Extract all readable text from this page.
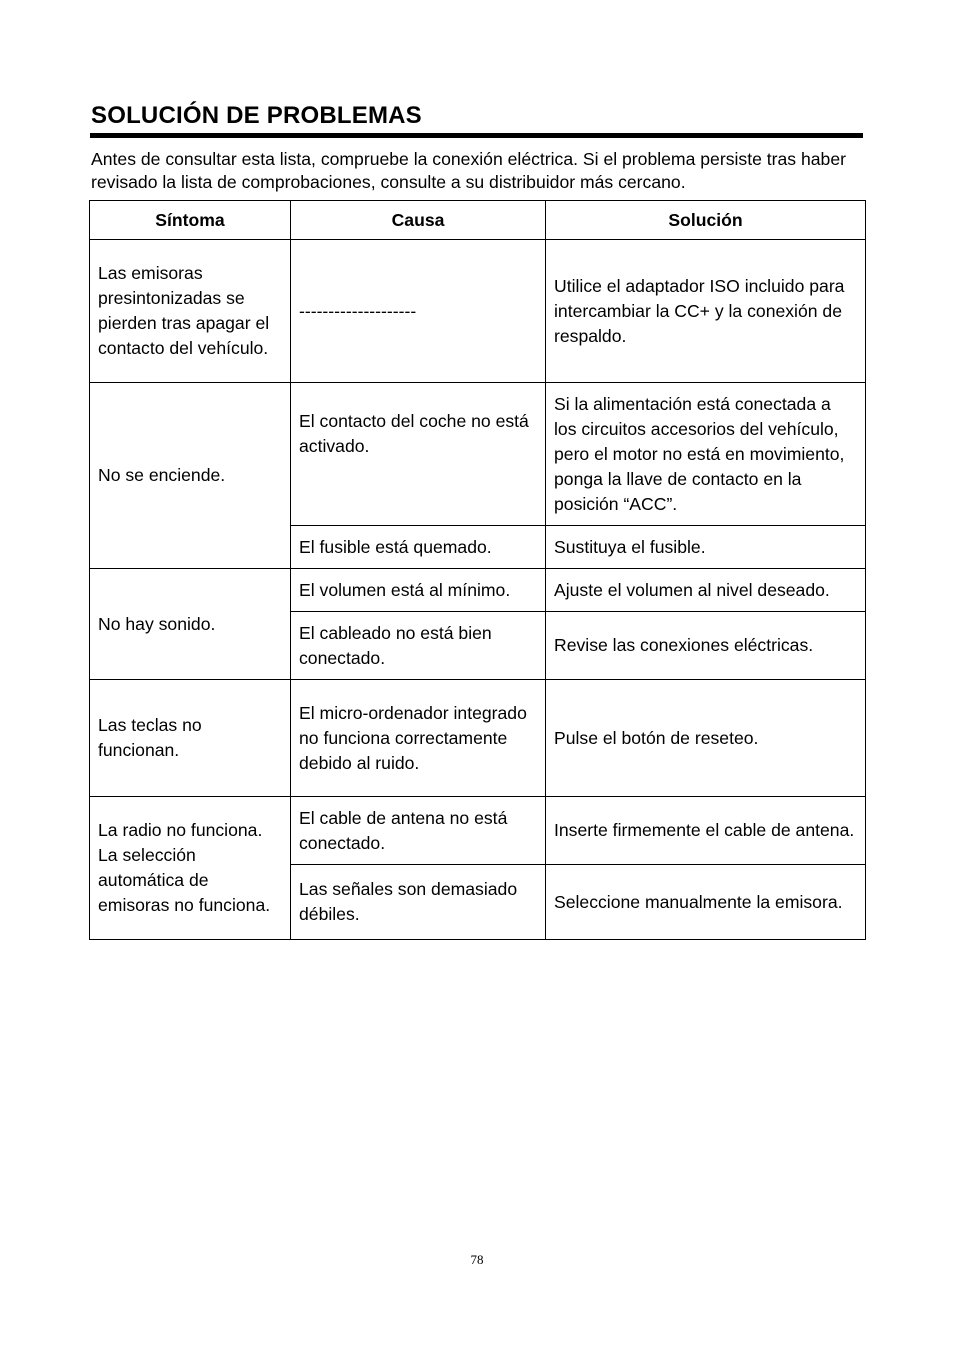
SOLUCIÓN DE PROBLEMAS

Antes de consultar esta lista, compruebe la conexión eléctrica. Si el problema persiste tras haber revisado la lista de comprobaciones, consulte a su distribuidor más cercano.

Síntoma	Causa	Solución
Las emisoras presintonizadas se pierden tras apagar el contacto del vehículo.	--------------------	Utilice el adaptador ISO incluido para intercambiar la CC+ y la conexión de respaldo.
No se enciende.	El contacto del coche no está activado.	Si la alimentación está conectada a los circuitos accesorios del vehículo, pero el motor no está en movimiento, ponga la llave de contacto en la posición “ACC”.
	El fusible está quemado.	Sustituya el fusible.
No hay sonido.	El volumen está al mínimo.	Ajuste el volumen al nivel deseado.
	El cableado no está bien conectado.	Revise las conexiones eléctricas.
Las teclas no funcionan.	El micro-ordenador integrado no funciona correctamente debido al ruido.	Pulse el botón de reseteo.
La radio no funciona. La selección automática de emisoras no funciona.	El cable de antena no está conectado.	Inserte firmemente el cable de antena.
	Las señales son demasiado débiles.	Seleccione manualmente la emisora.
78
